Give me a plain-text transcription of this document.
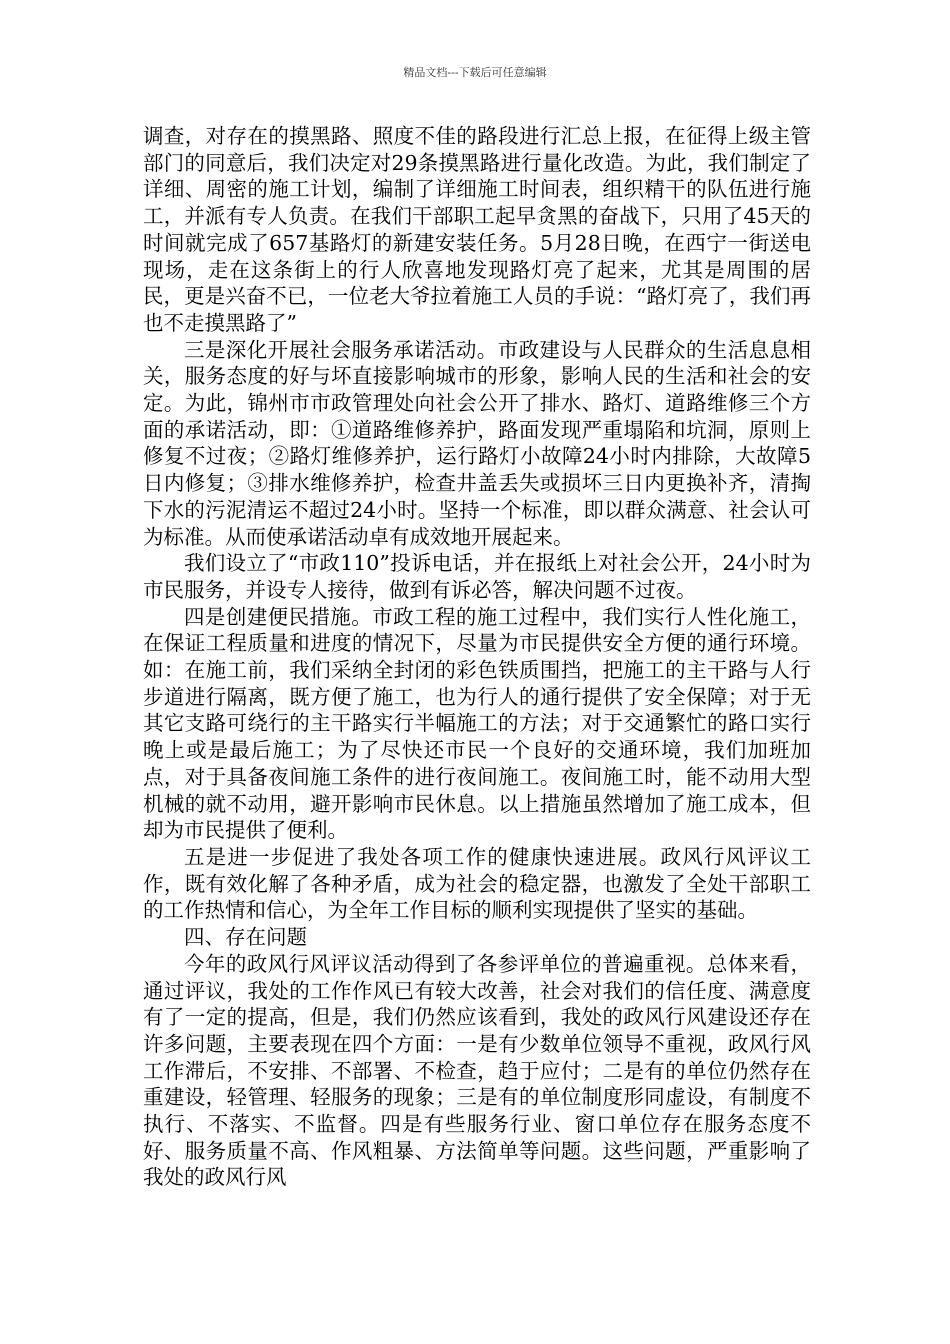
精品文档---下载后可任意编辑

调查，对存在的摸黑路、照度不佳的路段进行汇总上报，在征得上级主管部门的同意后，我们决定对29条摸黑路进行量化改造。为此，我们制定了详细、周密的施工计划，编制了详细施工时间表，组织精干的队伍进行施工，并派有专人负责。在我们干部职工起早贪黑的奋战下，只用了45天的时间就完成了657基路灯的新建安装任务。5月28日晚，在西宁一街送电现场，走在这条街上的行人欣喜地发现路灯亮了起来，尤其是周围的居民，更是兴奋不已，一位老大爷拉着施工人员的手说：“路灯亮了，我们再也不走摸黑路了”

三是深化开展社会服务承诺活动。市政建设与人民群众的生活息息相关，服务态度的好与坏直接影响城市的形象，影响人民的生活和社会的安定。为此，锦州市市政管理处向社会公开了排水、路灯、道路维修三个方面的承诺活动，即：①道路维修养护，路面发现严重塌陷和坑洞，原则上修复不过夜；②路灯维修养护，运行路灯小故障24小时内排除，大故障5日内修复；③排水维修养护，检查井盖丢失或损坏三日内更换补齐，清掏下水的污泥清运不超过24小时。坚持一个标准，即以群众满意、社会认可为标准。从而使承诺活动卓有成效地开展起来。

我们设立了“市政110”投诉电话，并在报纸上对社会公开，24小时为市民服务，并设专人接待，做到有诉必答，解决问题不过夜。

四是创建便民措施。市政工程的施工过程中，我们实行人性化施工，在保证工程质量和进度的情况下，尽量为市民提供安全方便的通行环境。如：在施工前，我们采纳全封闭的彩色铁质围挡，把施工的主干路与人行步道进行隔离，既方便了施工，也为行人的通行提供了安全保障；对于无其它支路可绕行的主干路实行半幅施工的方法；对于交通繁忙的路口实行晚上或是最后施工；为了尽快还市民一个良好的交通环境，我们加班加点，对于具备夜间施工条件的进行夜间施工。夜间施工时，能不动用大型机械的就不动用，避开影响市民休息。以上措施虽然增加了施工成本，但却为市民提供了便利。

五是进一步促进了我处各项工作的健康快速进展。政风行风评议工作，既有效化解了各种矛盾，成为社会的稳定器，也激发了全处干部职工的工作热情和信心，为全年工作目标的顺利实现提供了坚实的基础。

四、存在问题

今年的政风行风评议活动得到了各参评单位的普遍重视。总体来看，通过评议，我处的工作作风已有较大改善，社会对我们的信任度、满意度有了一定的提高，但是，我们仍然应该看到，我处的政风行风建设还存在许多问题，主要表现在四个方面：一是有少数单位领导不重视，政风行风工作滞后，不安排、不部署、不检查，趋于应付；二是有的单位仍然存在重建设，轻管理、轻服务的现象；三是有的单位制度形同虚设，有制度不执行、不落实、不监督。四是有些服务行业、窗口单位存在服务态度不好、服务质量不高、作风粗暴、方法简单等问题。这些问题，严重影响了我处的政风行风
